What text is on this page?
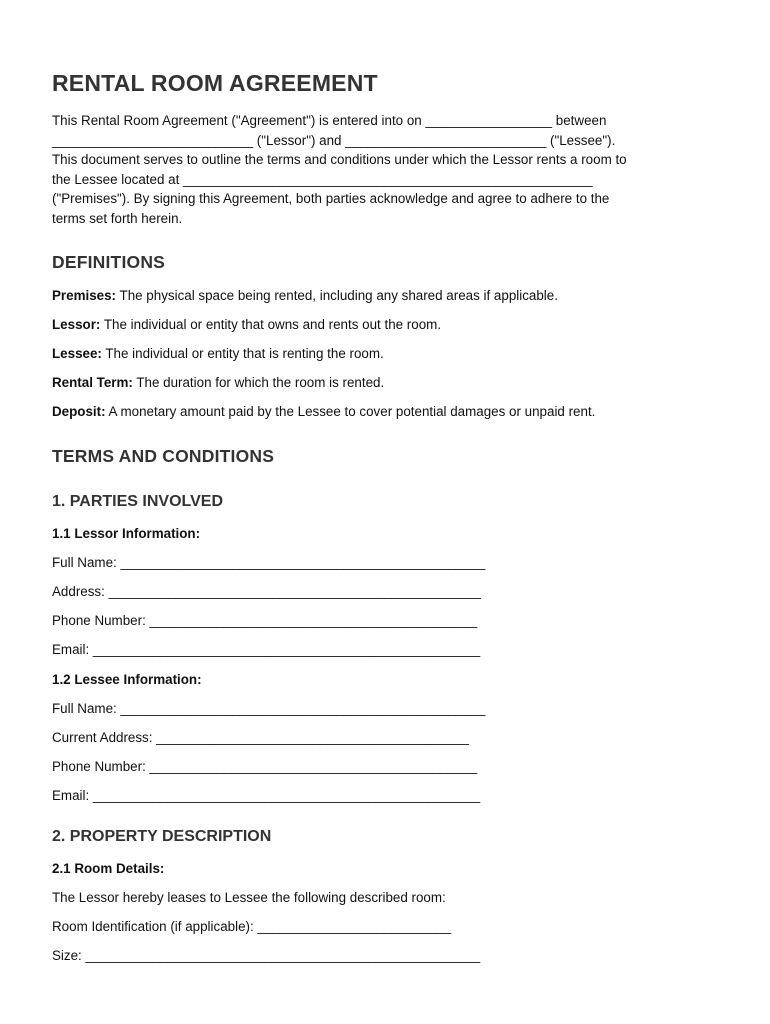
RENTAL ROOM AGREEMENT

This Rental Room Agreement ("Agreement") is entered into on _________________ between
___________________________ ("Lessor") and ___________________________ ("Lessee").
This document serves to outline the terms and conditions under which the Lessor rents a room to
the Lessee located at _______________________________________________________
("Premises"). By signing this Agreement, both parties acknowledge and agree to adhere to the
terms set forth herein.

DEFINITIONS

Premises: The physical space being rented, including any shared areas if applicable.

Lessor: The individual or entity that owns and rents out the room.

Lessee: The individual or entity that is renting the room.

Rental Term: The duration for which the room is rented.

Deposit: A monetary amount paid by the Lessee to cover potential damages or unpaid rent.

TERMS AND CONDITIONS
1. PARTIES INVOLVED
1.1 Lessor Information:

Full Name: _________________________________________________

Address: __________________________________________________

Phone Number: ____________________________________________

Email: ____________________________________________________

1.2 Lessee Information:

Full Name: _________________________________________________

Current Address: __________________________________________

Phone Number: ____________________________________________

Email: ____________________________________________________

2. PROPERTY DESCRIPTION
2.1 Room Details:

The Lessor hereby leases to Lessee the following described room:

Room Identification (if applicable): __________________________

Size: _____________________________________________________
